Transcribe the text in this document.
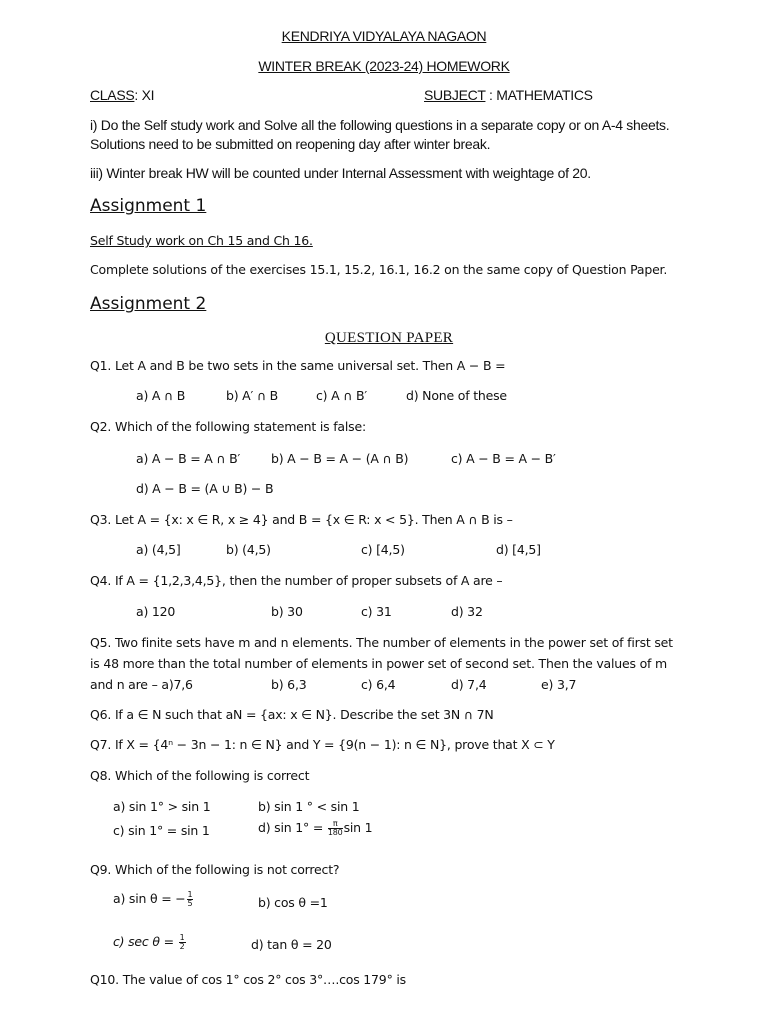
KENDRIYA VIDYALAYA NAGAON
WINTER BREAK (2023-24) HOMEWORK
CLASS: XI	SUBJECT : MATHEMATICS
i) Do the Self study work and Solve all the following questions in a separate copy or on A-4 sheets.
Solutions need to be submitted on reopening day after winter break.
iii) Winter break HW will be counted under Internal Assessment with weightage of 20.
Assignment 1
Self Study work on Ch 15 and Ch 16.
Complete solutions of the exercises 15.1, 15.2, 16.1, 16.2 on the same copy of Question Paper.
Assignment 2
QUESTION PAPER
Q1. Let A and B be two sets in the same universal set. Then A − B =
a) A ∩ B	b) A′ ∩ B	c) A ∩ B′	d) None of these
Q2. Which of the following statement is false:
a) A − B = A ∩ B′ b) A − B = A − (A ∩ B)	c) A − B = A − B′
d) A − B = (A ∪ B) − B
Q3. Let A = {x: x ∈ R, x ≥ 4} and B = {x ∈ R: x < 5}. Then A ∩ B is –
a) (4,5]	b) (4,5)	c) [4,5)	d) [4,5]
Q4. If A = {1,2,3,4,5}, then the number of proper subsets of A are –
a) 120	b) 30	c) 31	d) 32
Q5. Two finite sets have m and n elements. The number of elements in the power set of first set
is 48 more than the total number of elements in power set of second set. Then the values of m
and n are – a)7,6	b) 6,3	c) 6,4	d) 7,4	e) 3,7
Q6. If a ∈ N such that aN = {ax: x ∈ N}. Describe the set 3N ∩ 7N
Q7. If X = {4ⁿ − 3n − 1: n ∈ N} and Y = {9(n − 1): n ∈ N}, prove that X ⊂ Y
Q8. Which of the following is correct
a) sin 1° > sin 1	b) sin 1 ° < sin 1
c) sin 1° = sin 1	d) $\sin 1^\circ = \frac{\pi}{180}$ sin 1
Q9. Which of the following is not correct?
a) sin θ = − $\frac{1}{5}$	b) cos θ =1
c) $\sec \theta = \frac{1}{2}$	d) tan θ = 20
Q10. The value of cos 1° cos 2° cos 3°….cos 179° is
